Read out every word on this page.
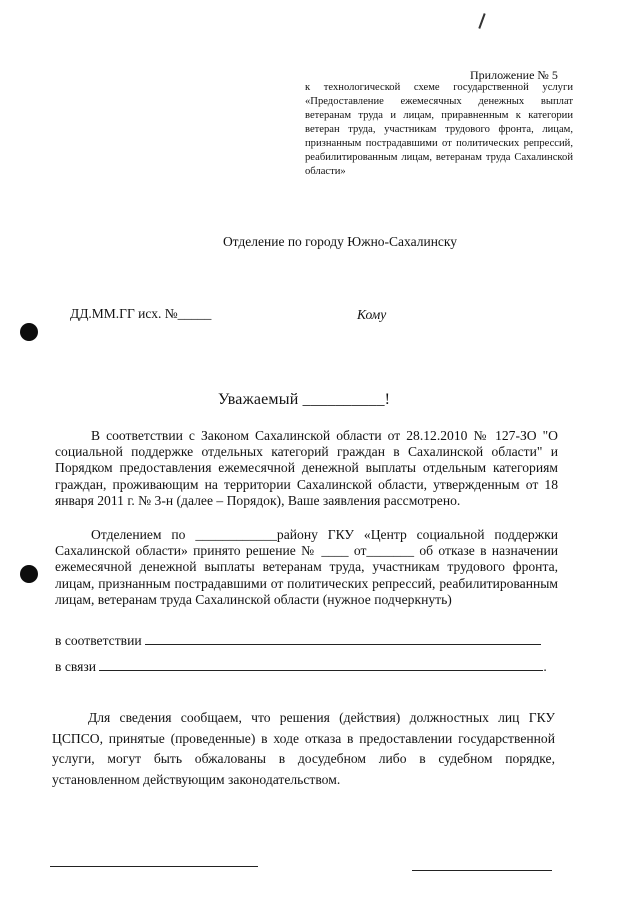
Приложение № 5
к технологической схеме государственной услуги «Предоставление ежемесячных денежных выплат ветеранам труда и лицам, приравненным к категории ветеран труда, участникам трудового фронта, лицам, признанным пострадавшими от политических репрессий, реабилитированным лицам, ветеранам труда Сахалинской области»
Отделение по городу Южно-Сахалинску
ДД.ММ.ГГ исх. №_____	Кому
Уважаемый __________!
В соответствии с Законом Сахалинской области от 28.12.2010 № 127-ЗО "О социальной поддержке отдельных категорий граждан в Сахалинской области" и Порядком предоставления ежемесячной денежной выплаты отдельным категориям граждан, проживающим на территории Сахалинской области, утвержденным от 18 января 2011 г. № 3-н (далее – Порядок), Ваше заявления рассмотрено.
Отделением по ____________району ГКУ «Центр социальной поддержки Сахалинской области» принято решение № ____ от_______ об отказе в назначении ежемесячной денежной выплаты ветеранам труда, участникам трудового фронта, лицам, признанным пострадавшими от политических репрессий, реабилитированным лицам, ветеранам труда Сахалинской области (нужное подчеркнуть)
в соответствии
в связи	.
Для сведения сообщаем, что решения (действия) должностных лиц ГКУ ЦСПСО, принятые (проведенные) в ходе отказа в предоставлении государственной услуги, могут быть обжалованы в досудебном либо в судебном порядке, установленном действующим законодательством.
